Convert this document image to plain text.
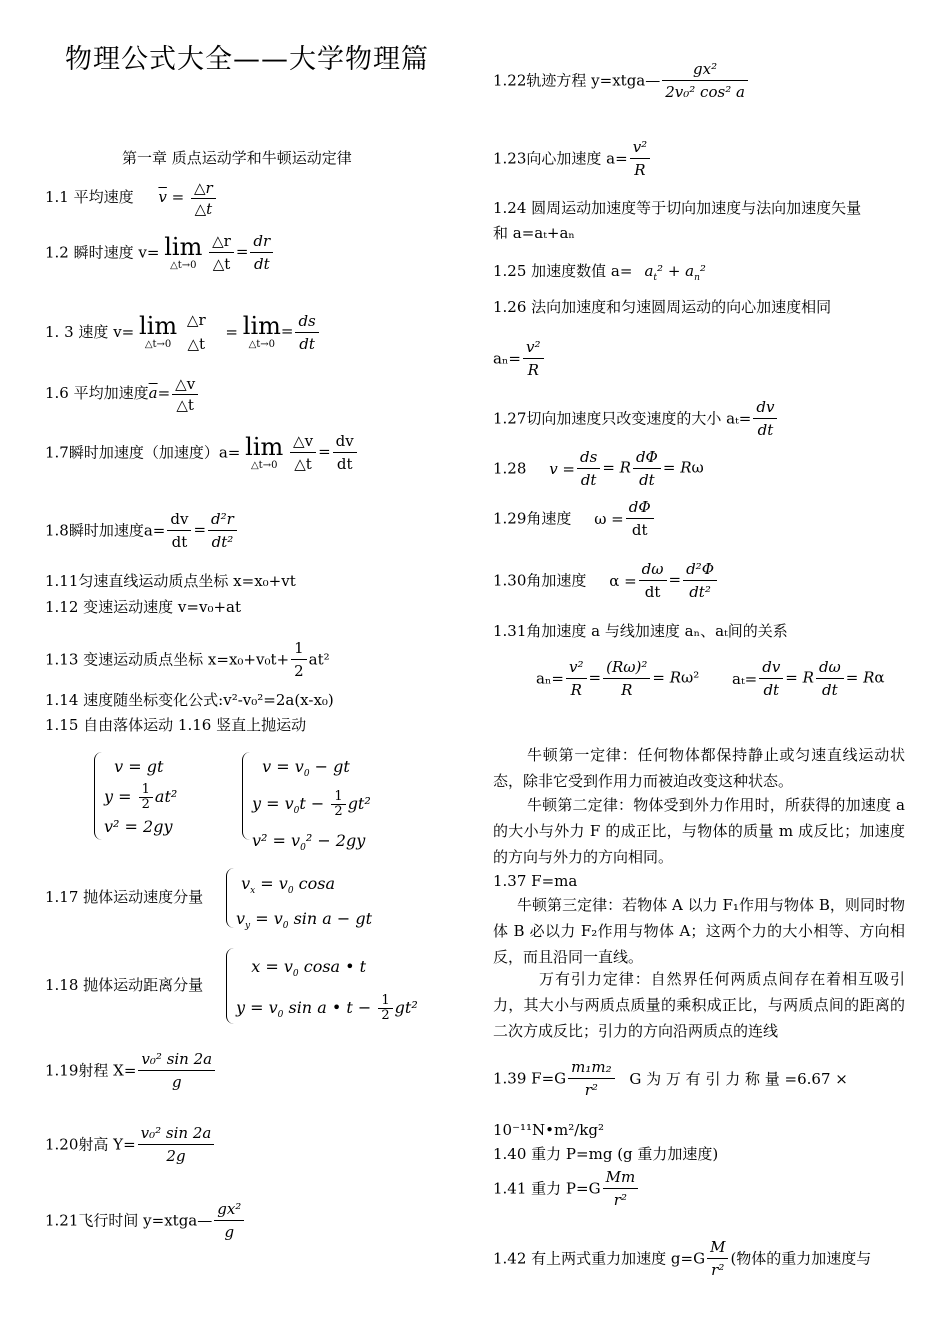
物理公式大全——大学物理篇
第一章 质点运动学和牛顿运动定律
1.1 平均速度 $\overline{v} = \frac{\triangle r}{\triangle t}$
1.2 瞬时速度 v= lim
△t→0
$\frac{\triangle r}{\triangle t} = \frac{dr}{dt}$
1. 3 速度 v= lim
△t→0

△r
△t
= lim
△t→0
= $\frac{ds}{dt}$
1.6 平均加速度$\overline{a}= \frac{\triangle v}{\triangle t}$
1.7瞬时加速度（加速度）a= lim
△t→0
$\frac{\triangle v}{\triangle t} = \frac{dv}{dt}$
1.8瞬时加速度$a= \frac{dv}{dt} = \frac{\text{d²r}}{\text{dt²}}$
1.11匀速直线运动质点坐标 x=x₀+vt
1.12 变速运动速度 v=v₀+at
1.13 变速运动质点坐标 $x=x_0+v_0t+ \frac{1}{2} at^2$
1.14 速度随坐标变化公式:v²-v₀²=2a(x-x₀)
1.15 自由落体运动 1.16 竖直上抛运动
v = gt
$y = \frac{1}{2} at^2$
v² = 2gy
$v = v_0$ − gt
$y = v_0t - \frac{1}{2} gt^2$
$v^2 = v_0^2 - 2gy$
1.17 抛体运动速度分量
$v_x = v_0$ cosa
$v_y = v_0$ sin a − gt
1.18 抛体运动距离分量
$x = v_0$ cosa • t
$y = v_0$ sin a • $t - \frac{1}{2} gt^2$
1.19射程 $X= \frac{\text{v₀² sin 2a}}{g}$
1.20射高 $Y= \frac{\text{v₀² sin 2a}}{2g}$
1.21飞行时间 y=xtga— $\frac{\text{gx²}}{g}$
1.22轨迹方程 y=xtga— $\frac{\text{gx²}}{\text{2v₀² cos² a}}$
1.23向心加速度 $a= \frac{\text{v²}}{R}$
1.24 圆周运动加速度等于切向加速度与法向加速度矢量
和 a=aₜ+aₙ
1.25 加速度数值 $a= a_t^2 + a_n^2$
1.26 法向加速度和匀速圆周运动的向心加速度相同
$a_n= \frac{\text{v²}}{R}$
1.27切向加速度只改变速度的大小 $a_t= \frac{dv}{dt}$
1.28 $v = \frac{ds}{dt} = R \frac{d\Phi}{dt} = R\omega$
1.29角速度 $\omega = \frac{d\Phi}{dt}$
1.30角加速度 $\alpha = \frac{d\omega}{dt} = \frac{\text{d²Φ}}{\text{dt²}}$
1.31角加速度 a 与线加速度 aₙ、aₜ间的关系
$a_n= \frac{\text{v²}}{R} = \frac{\text{(Rω)²}}{R} = R\omega^2$ $a_t= \frac{dv}{dt} = R \frac{d\omega}{dt} = R\alpha$
牛顿第一定律：任何物体都保持静止或匀速直线运动状态，除非它受到作用力而被迫改变这种状态。
牛顿第二定律：物体受到外力作用时，所获得的加速度 a 的大小与外力 F 的成正比，与物体的质量 m 成反比；加速度的方向与外力的方向相同。
1.37 F=ma
牛顿第三定律：若物体 A 以力 F₁作用与物体 B，则同时物体 B 必以力 F₂作用与物体 A；这两个力的大小相等、方向相反，而且沿同一直线。
万有引力定律：自然界任何两质点间存在着相互吸引力，其大小与两质点质量的乘积成正比，与两质点间的距离的二次方成反比；引力的方向沿两质点的连线
1.39 $F=G \frac{\text{m₁m₂}}{\text{r²}}$ G 为 万 有 引 力 称 量 =6.67 ×
10⁻¹¹N•m²/kg²
1.40 重力 P=mg (g 重力加速度)
1.41 重力 $P=G \frac{Mm}{\text{r²}}$
1.42 有上两式重力加速度 $g=G \frac{M}{\text{r²}}$ (物体的重力加速度与
